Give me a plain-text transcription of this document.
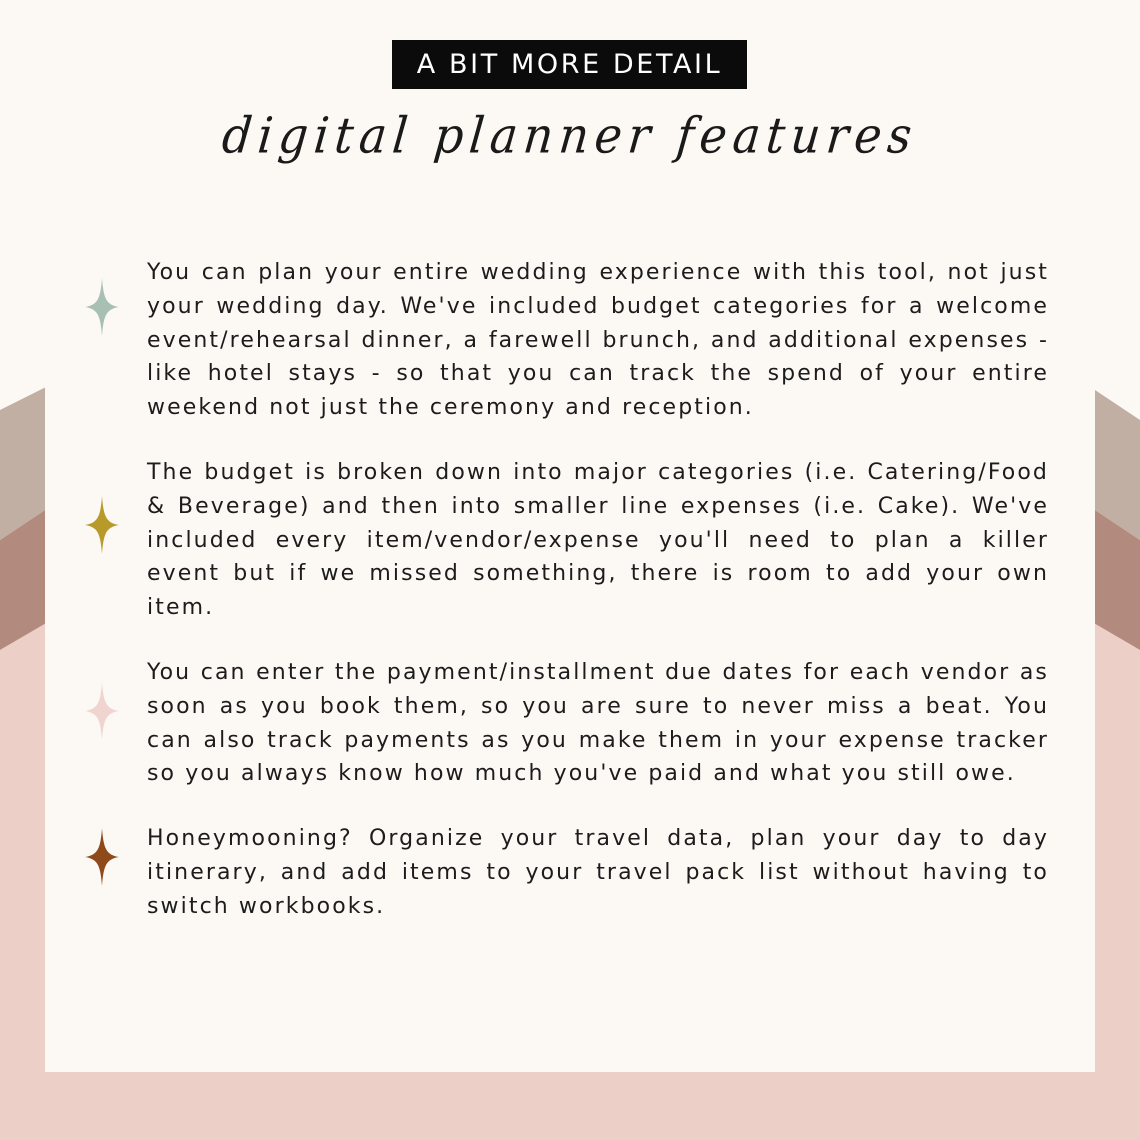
A BIT MORE DETAIL
digital planner features

You can plan your entire wedding experience with this tool, not just your wedding day. We've included budget categories for a welcome event/rehearsal dinner, a farewell brunch, and additional expenses - like hotel stays - so that you can track the spend of your entire weekend not just the ceremony and reception.

The budget is broken down into major categories (i.e. Catering/Food & Beverage) and then into smaller line expenses (i.e. Cake). We've included every item/vendor/expense you'll need to plan a killer event but if we missed something, there is room to add your own item.

You can enter the payment/installment due dates for each vendor as soon as you book them, so you are sure to never miss a beat. You can also track payments as you make them in your expense tracker so you always know how much you've paid and what you still owe.

Honeymooning? Organize your travel data, plan your day to day itinerary, and add items to your travel pack list without having to switch workbooks.
